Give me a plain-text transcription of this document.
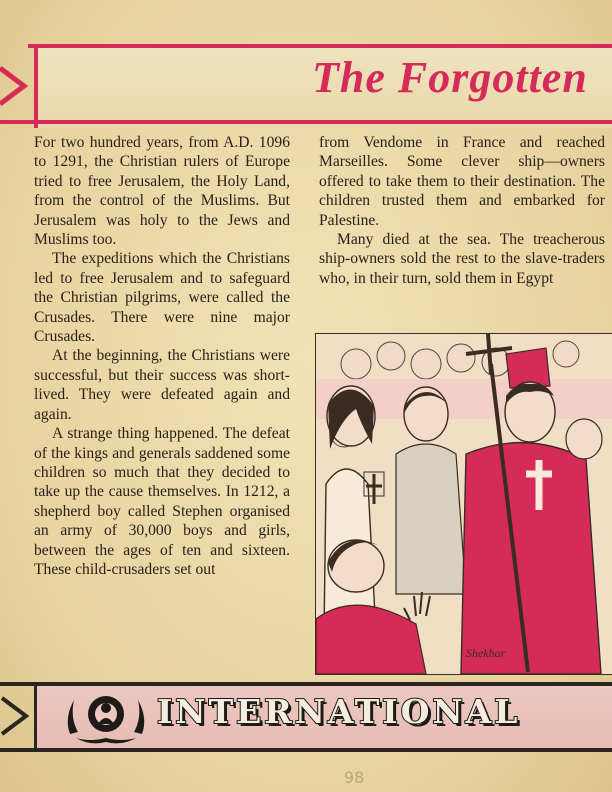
The Forgotten

For two hundred years, from A.D. 1096 to 1291, the Christian rulers of Europe tried to free Jerusalem, the Holy Land, from the control of the Muslims. But Jerusalem was holy to the Jews and Muslims too.

The expeditions which the Christians led to free Jerusalem and to safeguard the Christian pilgrims, were called the Crusades. There were nine major Crusades.

At the beginning, the Christians were successful, but their success was short-lived. They were defeated again and again.

A strange thing happened. The defeat of the kings and generals saddened some children so much that they decided to take up the cause themselves. In 1212, a shepherd boy called Stephen organised an army of 30,000 boys and girls, between the ages of ten and sixteen. These child-crusaders set out

from Vendome in France and reached Marseilles. Some clever ship—owners offered to take them to their destination. The children trusted them and embarked for Palestine.

Many died at the sea. The treacherous ship-owners sold the rest to the slave-traders who, in their turn, sold them in Egypt

Shekhar
INTERNATIONAL
98
